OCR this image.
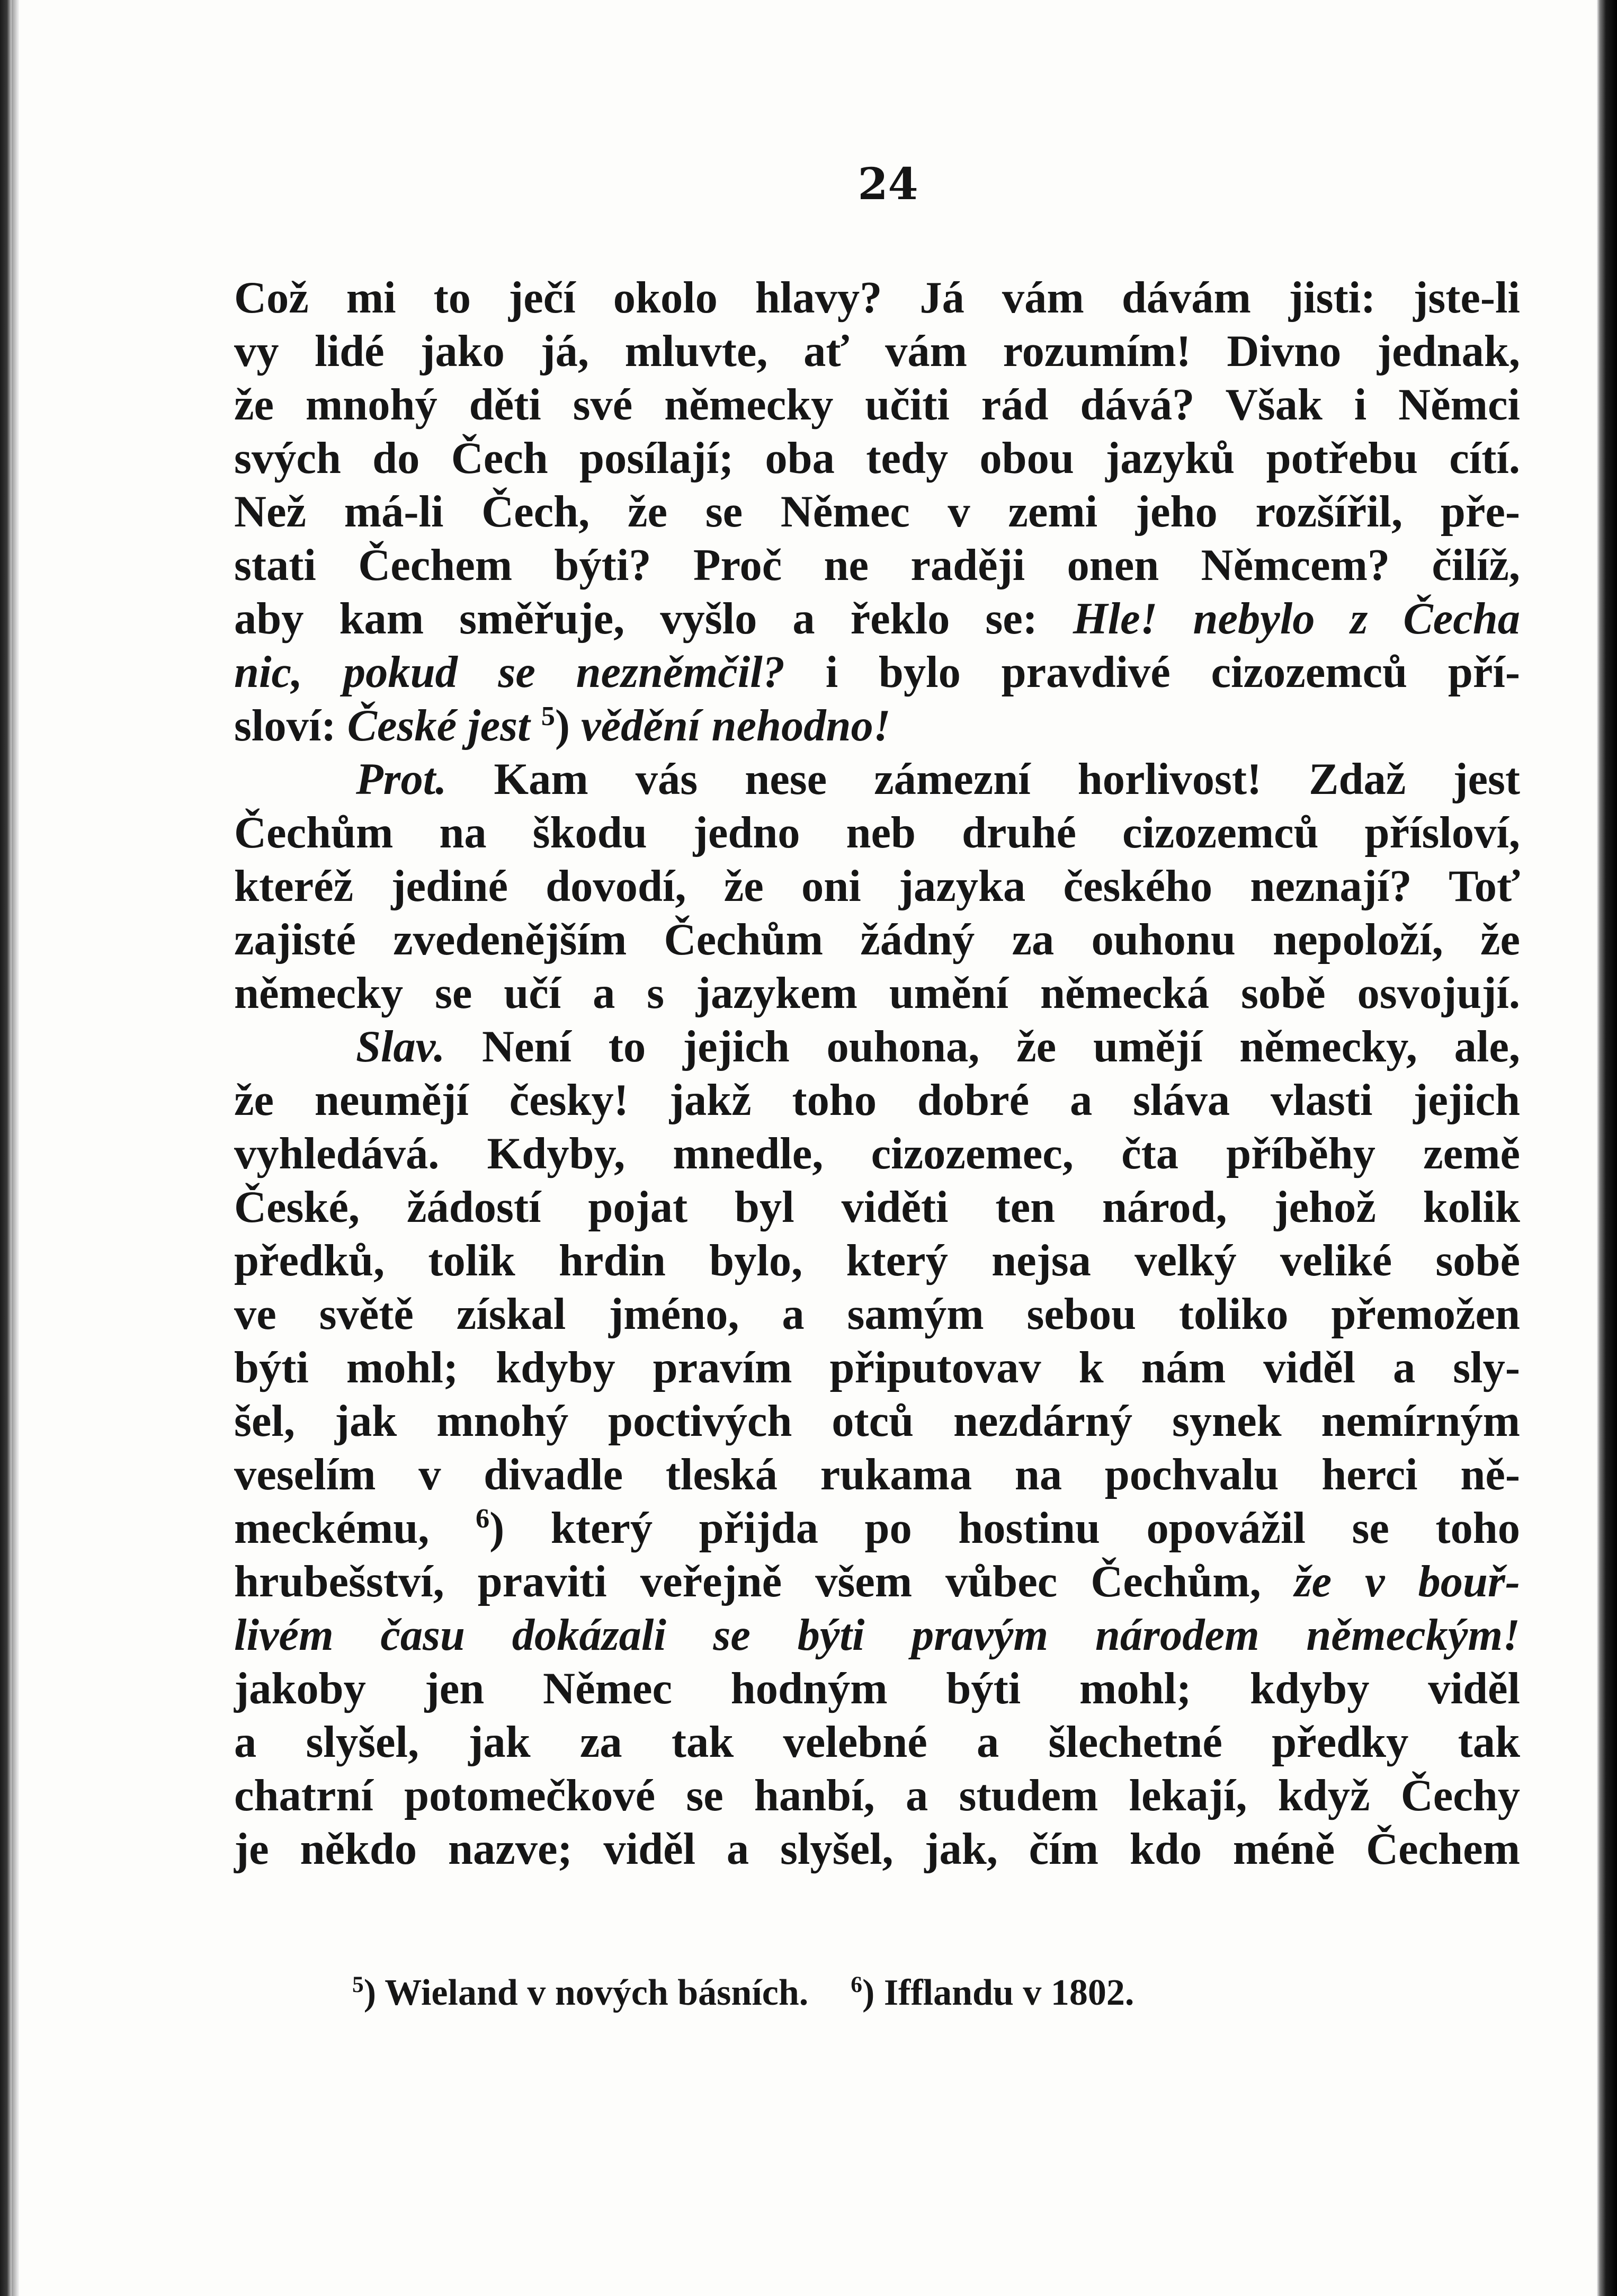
24
Což mi to ječí okolo hlavy? Já vám dávám jisti: jste-li
vy lidé jako já, mluvte, ať vám rozumím! Divno jednak,
že mnohý děti své německy učiti rád dává? Však i Němci
svých do Čech posílají; oba tedy obou jazyků potřebu cítí.
Než má-li Čech, že se Němec v zemi jeho rozšířil, pře-
stati Čechem býti? Proč ne raději onen Němcem? čilíž,
aby kam směřuje, vyšlo a řeklo se: Hle! nebylo z Čecha
nic, pokud se nezněmčil? i bylo pravdivé cizozemců pří-
sloví: České jest $^5$) vědění nehodno!
Prot. Kam vás nese zámezní horlivost! Zdaž jest
Čechům na škodu jedno neb druhé cizozemců přísloví,
kteréž jediné dovodí, že oni jazyka českého neznají? Toť
zajisté zvedenějším Čechům žádný za ouhonu nepoloží, že
německy se učí a s jazykem umění německá sobě osvojují.
Slav. Není to jejich ouhona, že umějí německy, ale,
že neumějí česky! jakž toho dobré a sláva vlasti jejich
vyhledává. Kdyby, mnedle, cizozemec, čta příběhy země
České, žádostí pojat byl viděti ten národ, jehož kolik
předků, tolik hrdin bylo, který nejsa velký veliké sobě
ve světě získal jméno, a samým sebou toliko přemožen
býti mohl; kdyby pravím připutovav k nám viděl a sly-
šel, jak mnohý poctivých otců nezdárný synek nemírným
veselím v divadle tleská rukama na pochvalu herci ně-
meckému, $^6$) který přijda po hostinu opovážil se toho
hrubešství, praviti veřejně všem vůbec Čechům, že v bouř-
livém času dokázali se býti pravým národem německým!
jakoby jen Němec hodným býti mohl; kdyby viděl
a slyšel, jak za tak velebné a šlechetné předky tak
chatrní potomečkové se hanbí, a studem lekají, když Čechy
je někdo nazve; viděl a slyšel, jak, čím kdo méně Čechem
$^5$) Wieland v nových básních. $^6$) Ifflandu v 1802.
